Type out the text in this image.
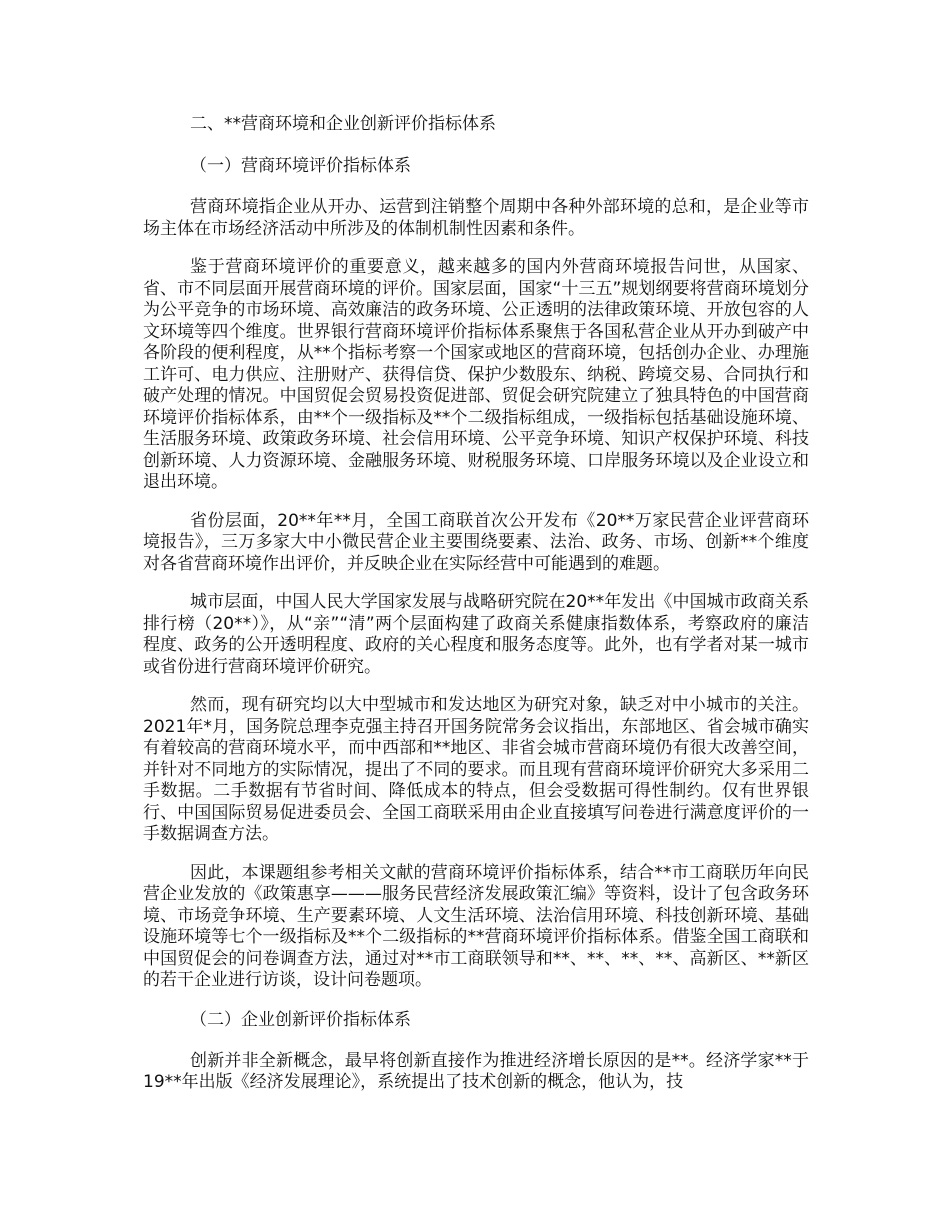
二、**营商环境和企业创新评价指标体系
（一）营商环境评价指标体系

营商环境指企业从开办、运营到注销整个周期中各种外部环境的总和，是企业等市场主体在市场经济活动中所涉及的体制机制性因素和条件。

鉴于营商环境评价的重要意义，越来越多的国内外营商环境报告问世，从国家、省、市不同层面开展营商环境的评价。国家层面，国家“十三五”规划纲要将营商环境划分为公平竞争的市场环境、高效廉洁的政务环境、公正透明的法律政策环境、开放包容的人文环境等四个维度。世界银行营商环境评价指标体系聚焦于各国私营企业从开办到破产中各阶段的便利程度，从**个指标考察一个国家或地区的营商环境，包括创办企业、办理施工许可、电力供应、注册财产、获得信贷、保护少数股东、纳税、跨境交易、合同执行和破产处理的情况。中国贸促会贸易投资促进部、贸促会研究院建立了独具特色的中国营商环境评价指标体系，由**个一级指标及**个二级指标组成，一级指标包括基础设施环境、生活服务环境、政策政务环境、社会信用环境、公平竞争环境、知识产权保护环境、科技创新环境、人力资源环境、金融服务环境、财税服务环境、口岸服务环境以及企业设立和退出环境。

省份层面，20**年**月，全国工商联首次公开发布《20**万家民营企业评营商环境报告》，三万多家大中小微民营企业主要围绕要素、法治、政务、市场、创新**个维度对各省营商环境作出评价，并反映企业在实际经营中可能遇到的难题。

城市层面，中国人民大学国家发展与战略研究院在20**年发出《中国城市政商关系排行榜（20**）》，从“亲”“清”两个层面构建了政商关系健康指数体系，考察政府的廉洁程度、政务的公开透明程度、政府的关心程度和服务态度等。此外，也有学者对某一城市或省份进行营商环境评价研究。

然而，现有研究均以大中型城市和发达地区为研究对象，缺乏对中小城市的关注。2021年*月，国务院总理李克强主持召开国务院常务会议指出，东部地区、省会城市确实有着较高的营商环境水平，而中西部和**地区、非省会城市营商环境仍有很大改善空间，并针对不同地方的实际情况，提出了不同的要求。而且现有营商环境评价研究大多采用二手数据。二手数据有节省时间、降低成本的特点，但会受数据可得性制约。仅有世界银行、中国国际贸易促进委员会、全国工商联采用由企业直接填写问卷进行满意度评价的一手数据调查方法。

因此，本课题组参考相关文献的营商环境评价指标体系，结合**市工商联历年向民营企业发放的《政策惠享———服务民营经济发展政策汇编》等资料，设计了包含政务环境、市场竞争环境、生产要素环境、人文生活环境、法治信用环境、科技创新环境、基础设施环境等七个一级指标及**个二级指标的**营商环境评价指标体系。借鉴全国工商联和中国贸促会的问卷调查方法，通过对**市工商联领导和**、**、**、**、高新区、**新区的若干企业进行访谈，设计问卷题项。

（二）企业创新评价指标体系

创新并非全新概念，最早将创新直接作为推进经济增长原因的是**。经济学家**于19**年出版《经济发展理论》，系统提出了技术创新的概念，他认为，技
